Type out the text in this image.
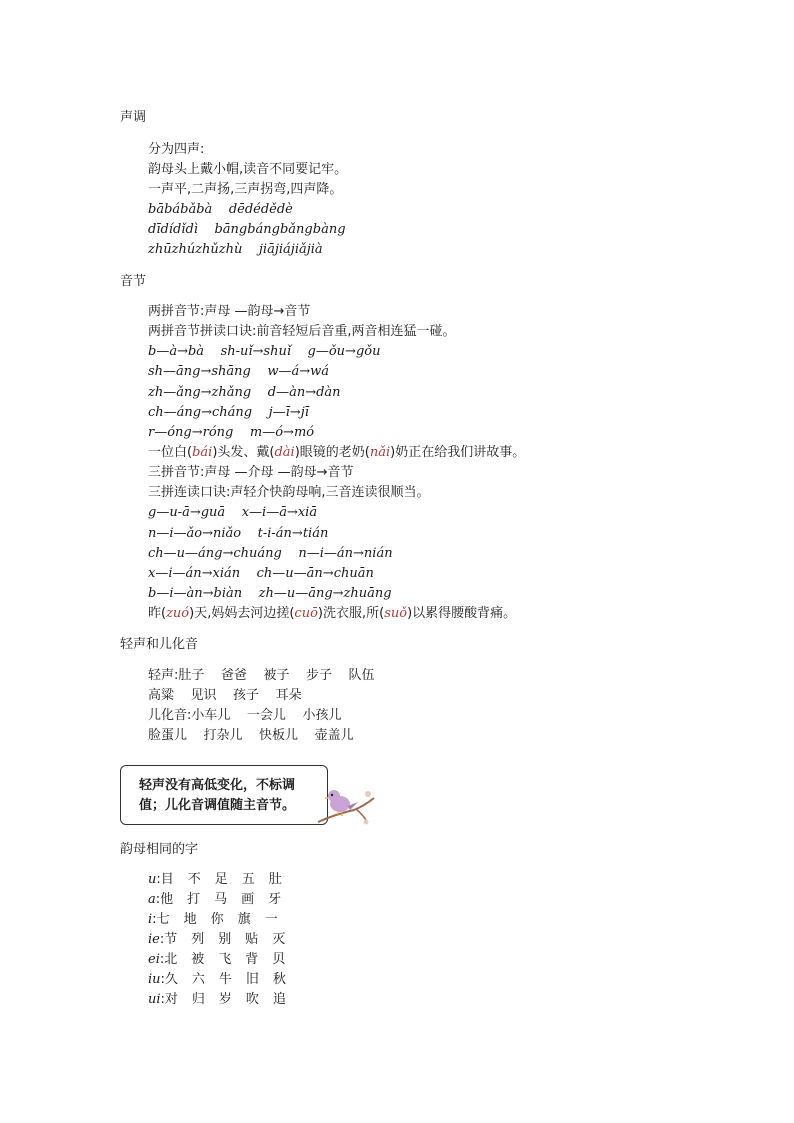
声调
分为四声:
韵母头上戴小帽,读音不同要记牢。
一声平,二声扬,三声拐弯,四声降。
bābábǎbà    dēdédědè
dīdídǐdì    bāngbángbǎngbàng
zhūzhúzhǔzhù    jiājiájiǎjià
音节
两拼音节:声母 —韵母→音节
两拼音节拼读口诀:前音轻短后音重,两音相连猛一碰。
b—à→bà    sh-uǐ→shuǐ    g—ǒu→gǒu
sh—āng→shāng    w—á→wá
zh—ǎng→zhǎng    d—àn→dàn
ch—áng→cháng    j—ī→jī
r—óng→róng    m—ó→mó
一位白(bái)头发、戴(dài)眼镜的老奶(nǎi)奶正在给我们讲故事。
三拼音节:声母 —介母 —韵母→音节
三拼连读口诀:声轻介快韵母响,三音连读很顺当。
g—u-ā→guā    x—i—ā→xiā
n—i—ǎo→niǎo    t-i-án→tián
ch—u—áng→chuáng    n—i—án→nián
x—i—án→xián    ch—u—ān→chuān
b—i—àn→biàn    zh—u—āng→zhuāng
昨(zuó)天,妈妈去河边搓(cuō)洗衣服,所(suǒ)以累得腰酸背痛。
轻声和儿化音
轻声:肚子    爸爸    被子    步子    队伍
高粱    见识    孩子    耳朵
儿化音:小车儿    一会儿    小孩儿
脸蛋儿    打杂儿    快板儿    壶盖儿
轻声没有高低变化，不标调值；儿化音调值随主音节。
韵母相同的字
u:目 不 足 五 肚
a:他 打 马 画 牙
i:七 地 你 旗 一
ie:节 列 别 贴 灭
ei:北 被 飞 背 贝
iu:久 六 牛 旧 秋
ui:对 归 岁 吹 追
